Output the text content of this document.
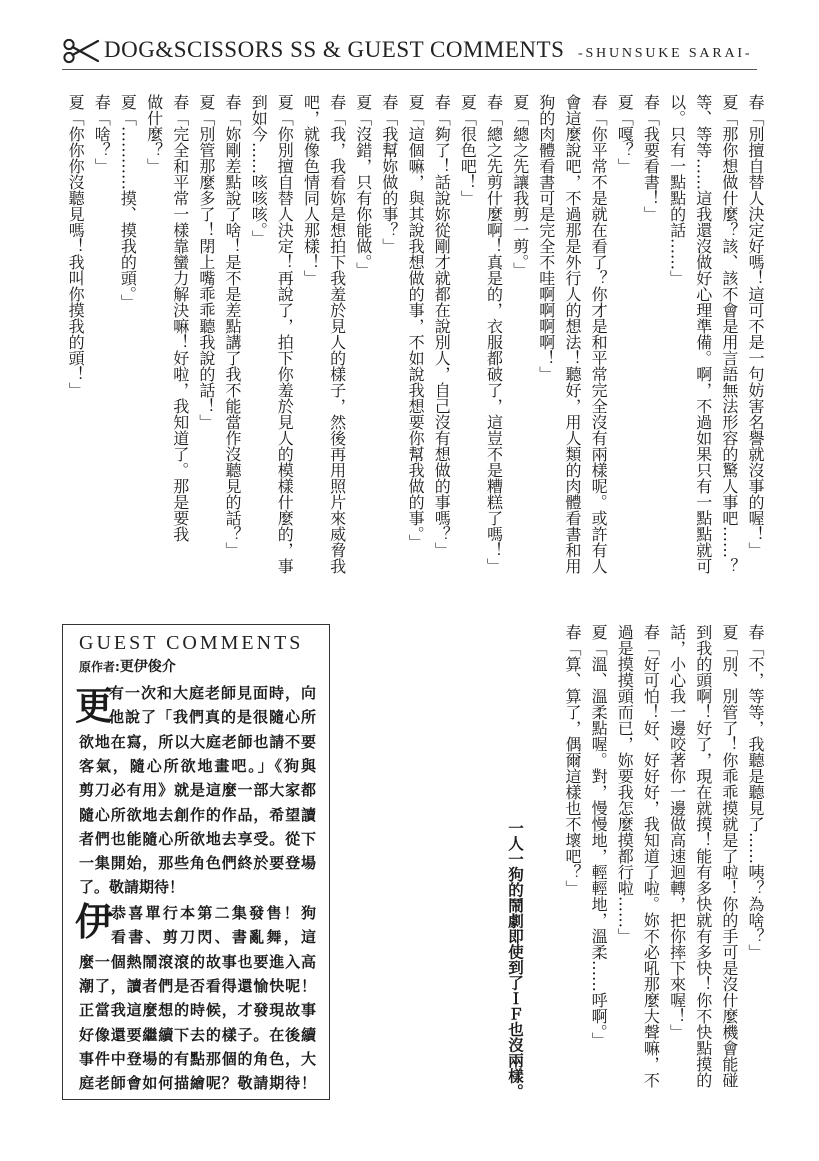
DOG&SCISSORS SS & GUEST COMMENTS -SHUNSUKE SARAI-
春「別擅自替人決定好嗎！這可不是一句妨害名譽就沒事的喔！」
夏「那你想做什麼？該、該不會是用言語無法形容的驚人事吧……？
等、等等……這我還沒做好心理準備。啊，不過如果只有一點點就可
以。只有一點點的話……」
春「我要看書！」
夏「嘎？」
春「你平常不是就在看了？你才是和平常完全沒有兩樣呢。或許有人
會這麼說吧，不過那是外行人的想法！聽好，用人類的肉體看書和用
狗的肉體看書可是完全不哇啊啊啊啊！」
夏「總之先讓我剪一剪。」
春「總之先剪什麼啊！真是的，衣服都破了，這豈不是糟糕了嗎！」
夏「很色吧！」
春「夠了！話說妳從剛才就都在說別人，自己沒有想做的事嗎？」
夏「這個嘛，與其說我想做的事，不如說我想要你幫我做的事。」
春「我幫妳做的事？」
夏「沒錯，只有你能做。」
春「我，我看妳是想拍下我羞於見人的樣子，然後再用照片來威脅我
吧，就像色情同人那樣！」
夏「你別擅自替人決定！再說了，拍下你羞於見人的模樣什麼的，事
到如今……咳咳咳。」
春「妳剛差點說了啥！是不是差點講了我不能當作沒聽見的話？」
夏「別管那麼多了！閉上嘴乖乖聽我說的話！」
春「完全和平常一樣靠蠻力解決嘛！好啦，我知道了。那是要我
做什麼？」
夏「…………摸、摸我的頭。」
春「啥？」
夏「你你你沒聽見嗎！我叫你摸我的頭！」
春「不，等等，我聽是聽見了……咦？為啥？」
夏「別、別管了！你乖乖摸就是了啦！你的手可是沒什麼機會能碰
到我的頭啊！好了，現在就摸！能有多快就有多快！你不快點摸的
話，小心我一邊咬著你一邊做高速迴轉，把你摔下來喔！」
春「好可怕！好、好好好，我知道了啦。妳不必吼那麼大聲嘛，不
過是摸摸頭而已，妳要我怎麼摸都行啦……」
夏「溫、溫柔點喔。對，慢慢地，輕輕地，溫柔……呼啊。」
春「算、算了，偶爾這樣也不壞吧？」
一人一狗的鬧劇即使到了ＩＦ也沒兩樣。
GUEST COMMENTS
原作者:更伊俊介
更
有一次和大庭老師見面時，向
他說了「我們真的是很隨心所
欲地在寫，所以大庭老師也請不要
客氣，隨心所欲地畫吧。」《狗與
剪刀必有用》就是這麼一部大家都
隨心所欲地去創作的作品，希望讀
者們也能隨心所欲地去享受。從下
一集開始，那些角色們終於要登場
了。敬請期待！
伊
恭喜單行本第二集發售！狗
看書、剪刀閃、書亂舞，這
麼一個熱鬧滾滾的故事也要進入高
潮了，讀者們是否看得還愉快呢！
正當我這麼想的時候，才發現故事
好像還要繼續下去的樣子。在後續
事件中登場的有點那個的角色，大
庭老師會如何描繪呢？敬請期待！
